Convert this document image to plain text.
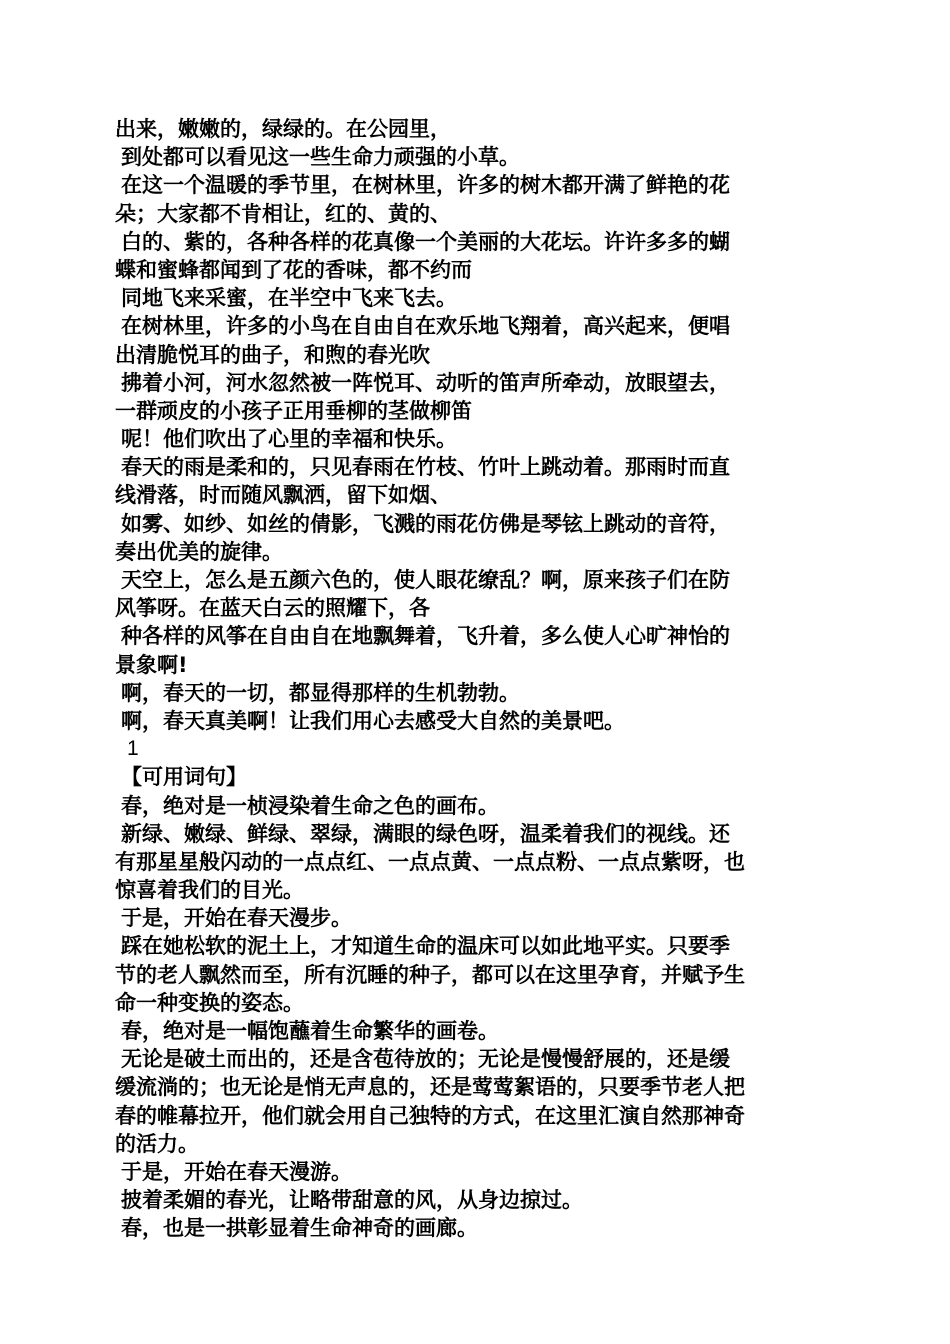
出来，嫩嫩的，绿绿的。在公园里，
到处都可以看见这一些生命力顽强的小草。
在这一个温暖的季节里，在树林里，许多的树木都开满了鲜艳的花
朵；大家都不肯相让，红的、黄的、
白的、紫的，各种各样的花真像一个美丽的大花坛。许许多多的蝴
蝶和蜜蜂都闻到了花的香味，都不约而
同地飞来采蜜，在半空中飞来飞去。
在树林里，许多的小鸟在自由自在欢乐地飞翔着，高兴起来，便唱
出清脆悦耳的曲子，和煦的春光吹
拂着小河，河水忽然被一阵悦耳、动听的笛声所牵动，放眼望去，
一群顽皮的小孩子正用垂柳的茎做柳笛
呢！他们吹出了心里的幸福和快乐。
春天的雨是柔和的，只见春雨在竹枝、竹叶上跳动着。那雨时而直
线滑落，时而随风飘洒，留下如烟、
如雾、如纱、如丝的倩影，飞溅的雨花仿佛是琴铉上跳动的音符，
奏出优美的旋律。
天空上，怎么是五颜六色的，使人眼花缭乱？啊，原来孩子们在防
风筝呀。在蓝天白云的照耀下，各
种各样的风筝在自由自在地飘舞着，飞升着，多么使人心旷神怡的
景象啊!
啊，春天的一切，都显得那样的生机勃勃。
啊，春天真美啊！让我们用心去感受大自然的美景吧。
1
【可用词句】
春，绝对是一桢浸染着生命之色的画布。
新绿、嫩绿、鲜绿、翠绿，满眼的绿色呀，温柔着我们的视线。还
有那星星般闪动的一点点红、一点点黄、一点点粉、一点点紫呀，也
惊喜着我们的目光。
于是，开始在春天漫步。
踩在她松软的泥土上，才知道生命的温床可以如此地平实。只要季
节的老人飘然而至，所有沉睡的种子，都可以在这里孕育，并赋予生
命一种变换的姿态。
春，绝对是一幅饱蘸着生命繁华的画卷。
无论是破土而出的，还是含苞待放的；无论是慢慢舒展的，还是缓
缓流淌的；也无论是悄无声息的，还是莺莺絮语的，只要季节老人把
春的帷幕拉开，他们就会用自己独特的方式，在这里汇演自然那神奇
的活力。
于是，开始在春天漫游。
披着柔媚的春光，让略带甜意的风，从身边掠过。
春，也是一拱彰显着生命神奇的画廊。
